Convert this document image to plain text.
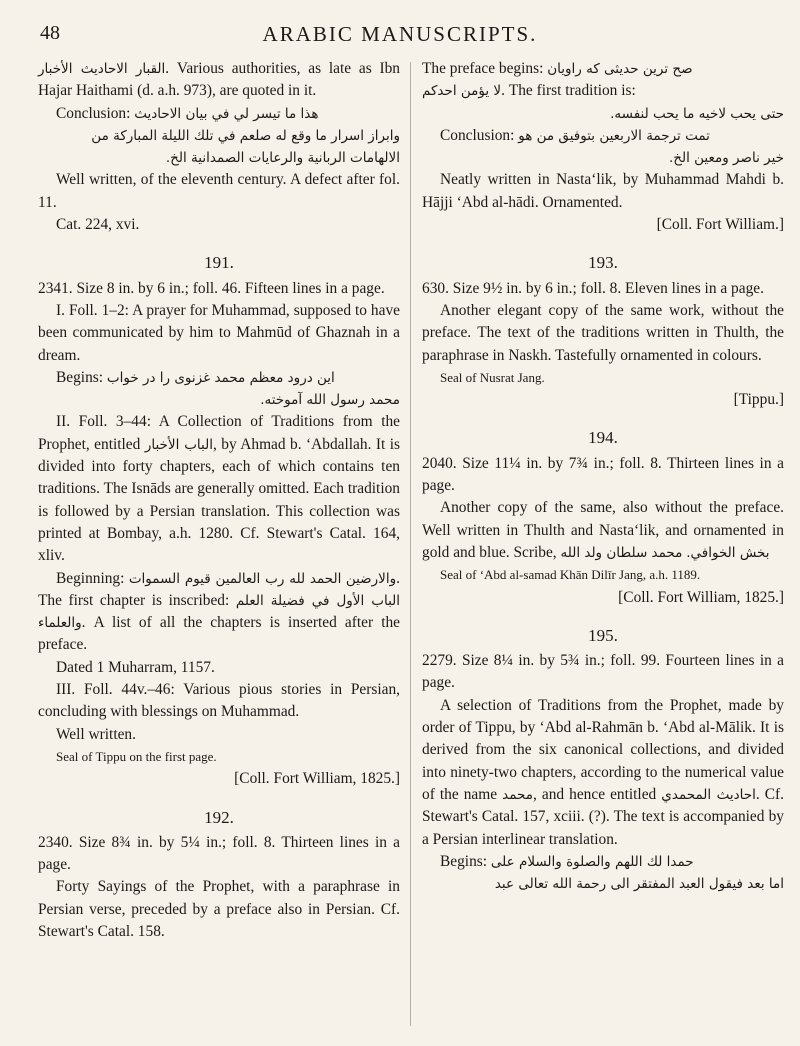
48	ARABIC MANUSCRIPTS.

القبار الاحاديث الأخبار. Various authorities, as late as Ibn Hajar Haithami (d. a.h. 973), are quoted in it.

Conclusion: هذا ما تيسر لي في بيان الاحاديث

وابراز اسرار ما وقع له صلعم في تلك الليلة المباركة من
الالهامات الربانية والرعايات الصمدانية الخ.

Well written, of the eleventh century. A defect after fol. 11.

Cat. 224, xvi.

191.

2341. Size 8 in. by 6 in.; foll. 46. Fifteen lines in a page.

I. Foll. 1–2: A prayer for Muhammad, supposed to have been communicated by him to Mahmūd of Ghaznah in a dream.

Begins: این درود معظم محمد غزنوی را در خواب

محمد رسول الله آموخته.

II. Foll. 3–44: A Collection of Traditions from the Prophet, entitled الباب الأخبار, by Ahmad b. ‘Abdallah. It is divided into forty chapters, each of which contains ten traditions. The Isnāds are generally omitted. Each tradition is followed by a Persian translation. This collection was printed at Bombay, a.h. 1280. Cf. Stewart's Catal. 164, xliv.

Beginning: الحمد لله رب العالمين قيوم السموات والارضين. The first chapter is inscribed: الباب الأول في فضيلة العلم والعلماء. A list of all the chapters is inserted after the preface.

Dated 1 Muharram, 1157.

III. Foll. 44v.–46: Various pious stories in Persian, concluding with blessings on Muhammad.

Well written.

Seal of Tippu on the first page.

[Coll. Fort William, 1825.]

192.

2340. Size 8¾ in. by 5¼ in.; foll. 8. Thirteen lines in a page.

Forty Sayings of the Prophet, with a paraphrase in Persian verse, preceded by a preface also in Persian. Cf. Stewart's Catal. 158.

The preface begins: صح ترین حدیثی که راویان

لا يؤمن احدكم. The first tradition is:

حتى يحب لاخيه ما يحب لنفسه.

Conclusion: تمت ترجمة الاربعين بتوفيق من هو

خير ناصر ومعين الخ.

Neatly written in Nasta‘lik, by Muhammad Mahdi b. Hājji ‘Abd al-hādi. Ornamented.

[Coll. Fort William.]

193.

630. Size 9½ in. by 6 in.; foll. 8. Eleven lines in a page.

Another elegant copy of the same work, without the preface. The text of the traditions written in Thulth, the paraphrase in Naskh. Tastefully ornamented in colours.

Seal of Nusrat Jang.

[Tippu.]

194.

2040. Size 11¼ in. by 7¾ in.; foll. 8. Thirteen lines in a page.

Another copy of the same, also without the preface. Well written in Thulth and Nasta‘lik, and ornamented in gold and blue. Scribe, محمد سلطان ولد الله بخش الخوافي.

Seal of ‘Abd al-samad Khān Dilīr Jang, a.h. 1189.

[Coll. Fort William, 1825.]

195.

2279. Size 8¼ in. by 5¾ in.; foll. 99. Fourteen lines in a page.

A selection of Traditions from the Prophet, made by order of Tippu, by ‘Abd al-Rahmān b. ‘Abd al-Mālik. It is derived from the six canonical collections, and divided into ninety-two chapters, according to the numerical value of the name محمد, and hence entitled احاديث المحمدي. Cf. Stewart's Catal. 157, xciii. (?). The text is accompanied by a Persian interlinear translation.

Begins: حمدا لك اللهم والصلوة والسلام على

اما بعد فيقول العبد المفتقر الى رحمة الله تعالى عبد
